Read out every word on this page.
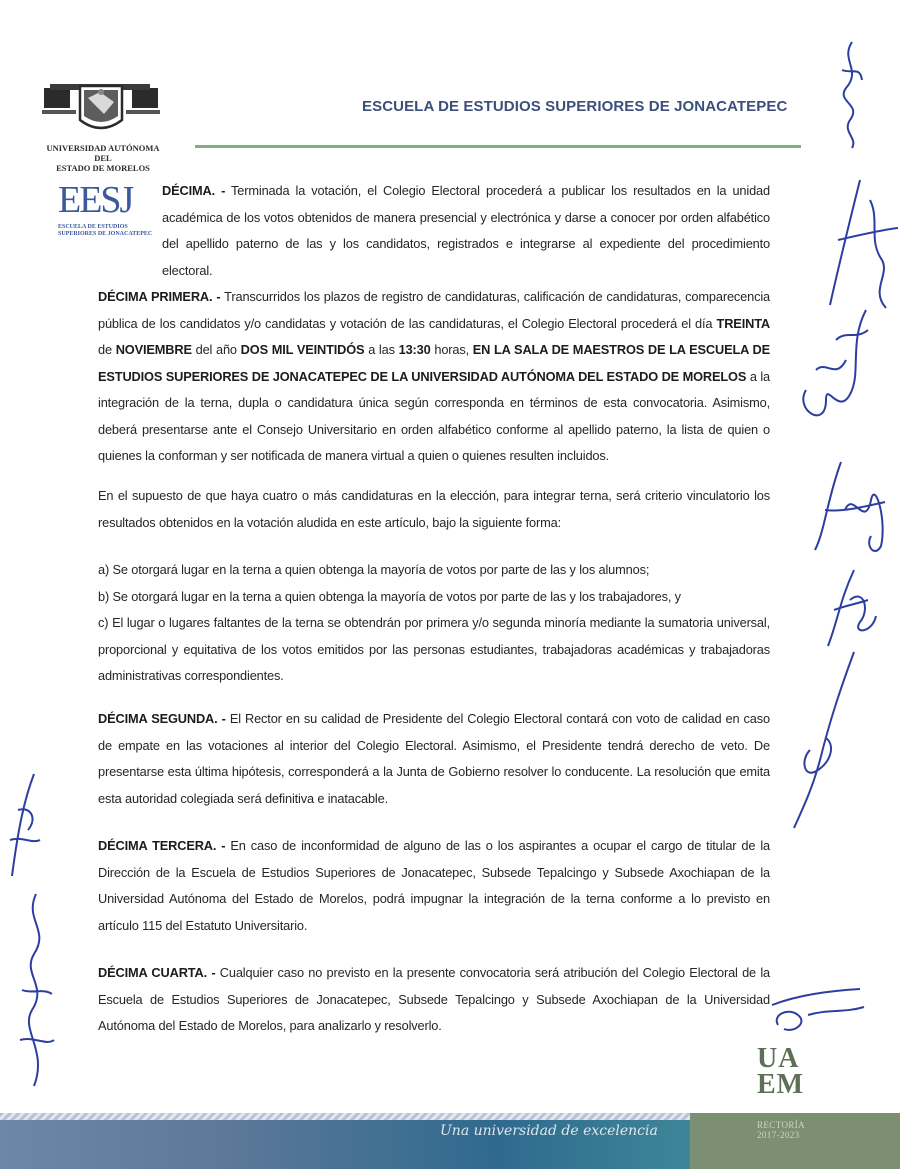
UNIVERSIDAD AUTÓNOMA DEL
ESTADO DE MORELOS
ESCUELA DE ESTUDIOS SUPERIORES DE JONACATEPEC
EESJ
ESCUELA DE ESTUDIOS
SUPERIORES DE JONACATEPEC
DÉCIMA. - Terminada la votación, el Colegio Electoral procederá a publicar los resultados en la unidad académica de los votos obtenidos de manera presencial y electrónica y darse a conocer por orden alfabético del apellido paterno de las y los candidatos, registrados e integrarse al expediente del procedimiento electoral.
DÉCIMA PRIMERA. - Transcurridos los plazos de registro de candidaturas, calificación de candidaturas, comparecencia pública de los candidatos y/o candidatas y votación de las candidaturas, el Colegio Electoral procederá el día TREINTA de NOVIEMBRE del año DOS MIL VEINTIDÓS a las 13:30 horas, EN LA SALA DE MAESTROS DE LA ESCUELA DE ESTUDIOS SUPERIORES DE JONACATEPEC DE LA UNIVERSIDAD AUTÓNOMA DEL ESTADO DE MORELOS a la integración de la terna, dupla o candidatura única según corresponda en términos de esta convocatoria. Asimismo, deberá presentarse ante el Consejo Universitario en orden alfabético conforme al apellido paterno, la lista de quien o quienes la conforman y ser notificada de manera virtual a quien o quienes resulten incluidos.
En el supuesto de que haya cuatro o más candidaturas en la elección, para integrar terna, será criterio vinculatorio los resultados obtenidos en la votación aludida en este artículo, bajo la siguiente forma:
a) Se otorgará lugar en la terna a quien obtenga la mayoría de votos por parte de las y los alumnos;
b) Se otorgará lugar en la terna a quien obtenga la mayoría de votos por parte de las y los trabajadores, y
c) El lugar o lugares faltantes de la terna se obtendrán por primera y/o segunda minoría mediante la sumatoria universal, proporcional y equitativa de los votos emitidos por las personas estudiantes, trabajadoras académicas y trabajadoras administrativas correspondientes.
DÉCIMA SEGUNDA. - El Rector en su calidad de Presidente del Colegio Electoral contará con voto de calidad en caso de empate en las votaciones al interior del Colegio Electoral. Asimismo, el Presidente tendrá derecho de veto. De presentarse esta última hipótesis, corresponderá a la Junta de Gobierno resolver lo conducente. La resolución que emita esta autoridad colegiada será definitiva e inatacable.
DÉCIMA TERCERA. - En caso de inconformidad de alguno de las o los aspirantes a ocupar el cargo de titular de la Dirección de la Escuela de Estudios Superiores de Jonacatepec, Subsede Tepalcingo y Subsede Axochiapan de la Universidad Autónoma del Estado de Morelos, podrá impugnar la integración de la terna conforme a lo previsto en artículo 115 del Estatuto Universitario.
DÉCIMA CUARTA. - Cualquier caso no previsto en la presente convocatoria será atribución del Colegio Electoral de la Escuela de Estudios Superiores de Jonacatepec, Subsede Tepalcingo y Subsede Axochiapan de la Universidad Autónoma del Estado de Morelos, para analizarlo y resolverlo.
UA
EM
Una universidad de excelencia	RECTORÍA
2017-2023
